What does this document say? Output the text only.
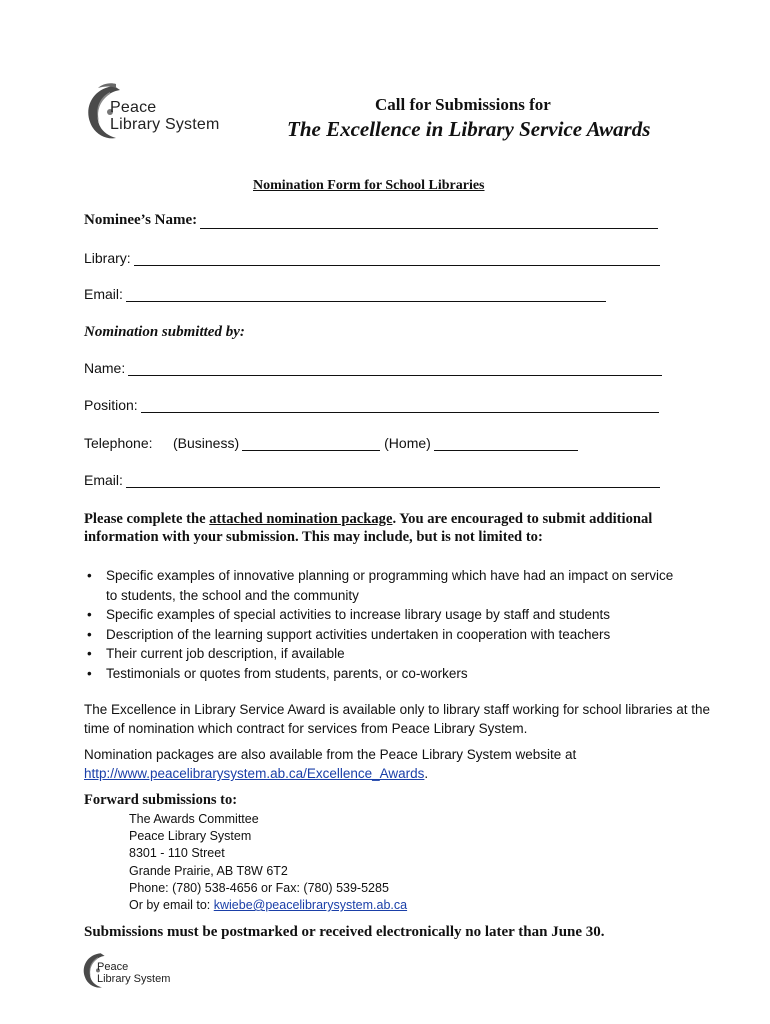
Peace
Library System
Call for Submissions for
The Excellence in Library Service Awards
Nomination Form for School Libraries
Nominee’s Name:
Library:
Email:
Nomination submitted by:
Name:
Position:
Telephone:	(Business)	(Home)
Email:
Please complete the attached nomination package. You are encouraged to submit additional information with your submission. This may include, but is not limited to:
• Specific examples of innovative planning or programming which have had an impact on service to students, the school and the community
• Specific examples of special activities to increase library usage by staff and students
• Description of the learning support activities undertaken in cooperation with teachers
• Their current job description, if available
• Testimonials or quotes from students, parents, or co-workers
The Excellence in Library Service Award is available only to library staff working for school libraries at the time of nomination which contract for services from Peace Library System.
Nomination packages are also available from the Peace Library System website at
http://www.peacelibrarysystem.ab.ca/Excellence_Awards.
Forward submissions to:
The Awards Committee
Peace Library System
8301 - 110 Street
Grande Prairie, AB T8W 6T2
Phone: (780) 538-4656 or Fax: (780) 539-5285
Or by email to: kwiebe@peacelibrarysystem.ab.ca
Submissions must be postmarked or received electronically no later than June 30.
Peace
Library System
